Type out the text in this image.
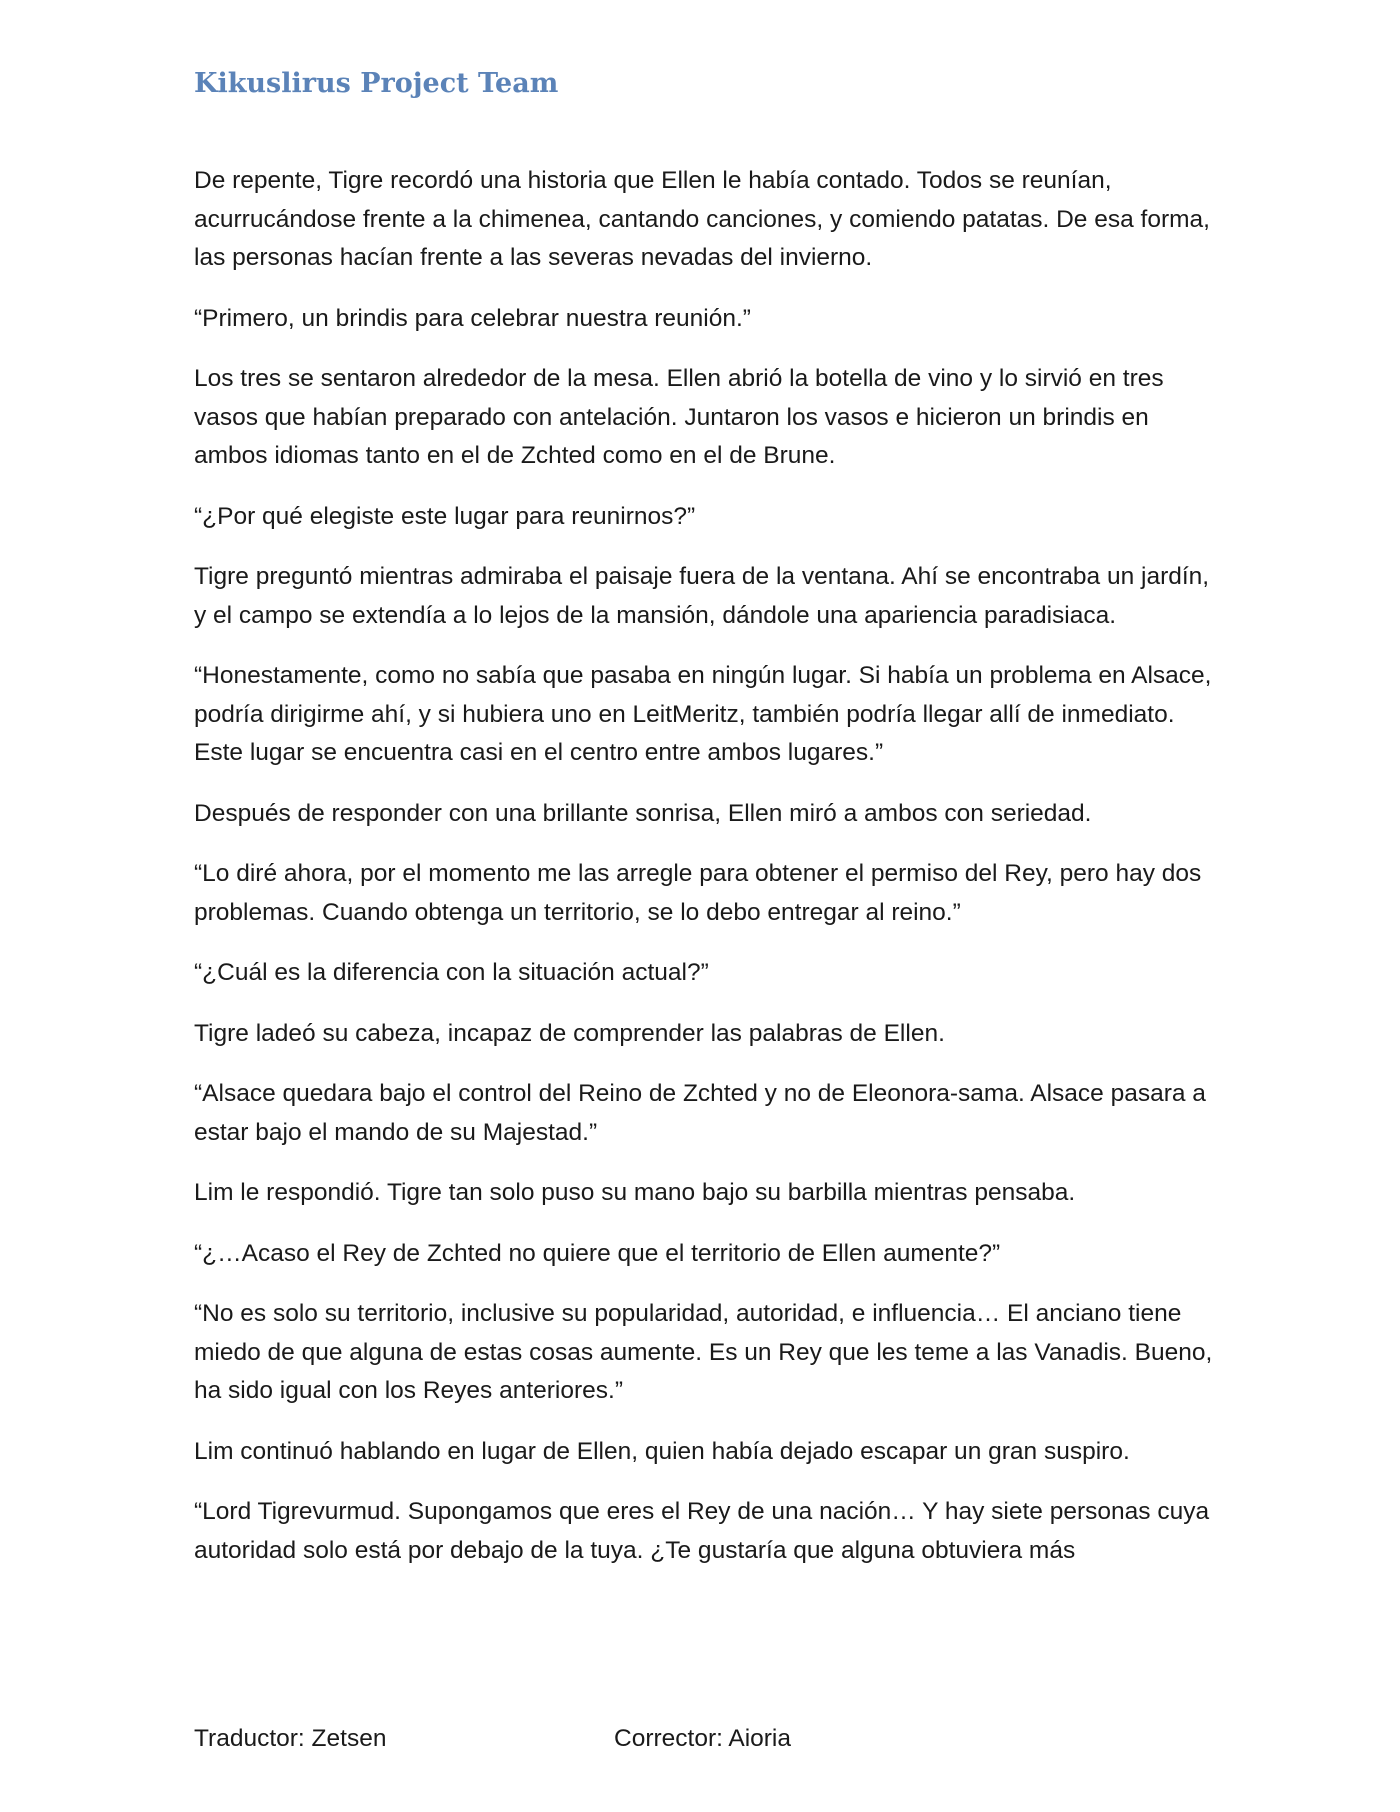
Kikuslirus Project Team

De repente, Tigre recordó una historia que Ellen le había contado. Todos se reunían, acurrucándose frente a la chimenea, cantando canciones, y comiendo patatas. De esa forma, las personas hacían frente a las severas nevadas del invierno.

“Primero, un brindis para celebrar nuestra reunión.”

Los tres se sentaron alrededor de la mesa. Ellen abrió la botella de vino y lo sirvió en tres vasos que habían preparado con antelación. Juntaron los vasos e hicieron un brindis en ambos idiomas tanto en el de Zchted como en el de Brune.

“¿Por qué elegiste este lugar para reunirnos?”

Tigre preguntó mientras admiraba el paisaje fuera de la ventana. Ahí se encontraba un jardín, y el campo se extendía a lo lejos de la mansión, dándole una apariencia paradisiaca.

“Honestamente, como no sabía que pasaba en ningún lugar. Si había un problema en Alsace, podría dirigirme ahí, y si hubiera uno en LeitMeritz, también podría llegar allí de inmediato. Este lugar se encuentra casi en el centro entre ambos lugares.”

Después de responder con una brillante sonrisa, Ellen miró a ambos con seriedad.

“Lo diré ahora, por el momento me las arregle para obtener el permiso del Rey, pero hay dos problemas. Cuando obtenga un territorio, se lo debo entregar al reino.”

“¿Cuál es la diferencia con la situación actual?”

Tigre ladeó su cabeza, incapaz de comprender las palabras de Ellen.

“Alsace quedara bajo el control del Reino de Zchted y no de Eleonora-sama. Alsace pasara a estar bajo el mando de su Majestad.”

Lim le respondió. Tigre tan solo puso su mano bajo su barbilla mientras pensaba.

“¿…Acaso el Rey de Zchted no quiere que el territorio de Ellen aumente?”

“No es solo su territorio, inclusive su popularidad, autoridad, e influencia… El anciano tiene miedo de que alguna de estas cosas aumente. Es un Rey que les teme a las Vanadis. Bueno, ha sido igual con los Reyes anteriores.”

Lim continuó hablando en lugar de Ellen, quien había dejado escapar un gran suspiro.

“Lord Tigrevurmud. Supongamos que eres el Rey de una nación… Y hay siete personas cuya autoridad solo está por debajo de la tuya. ¿Te gustaría que alguna obtuviera más

Traductor: Zetsen	Corrector: Aioria
